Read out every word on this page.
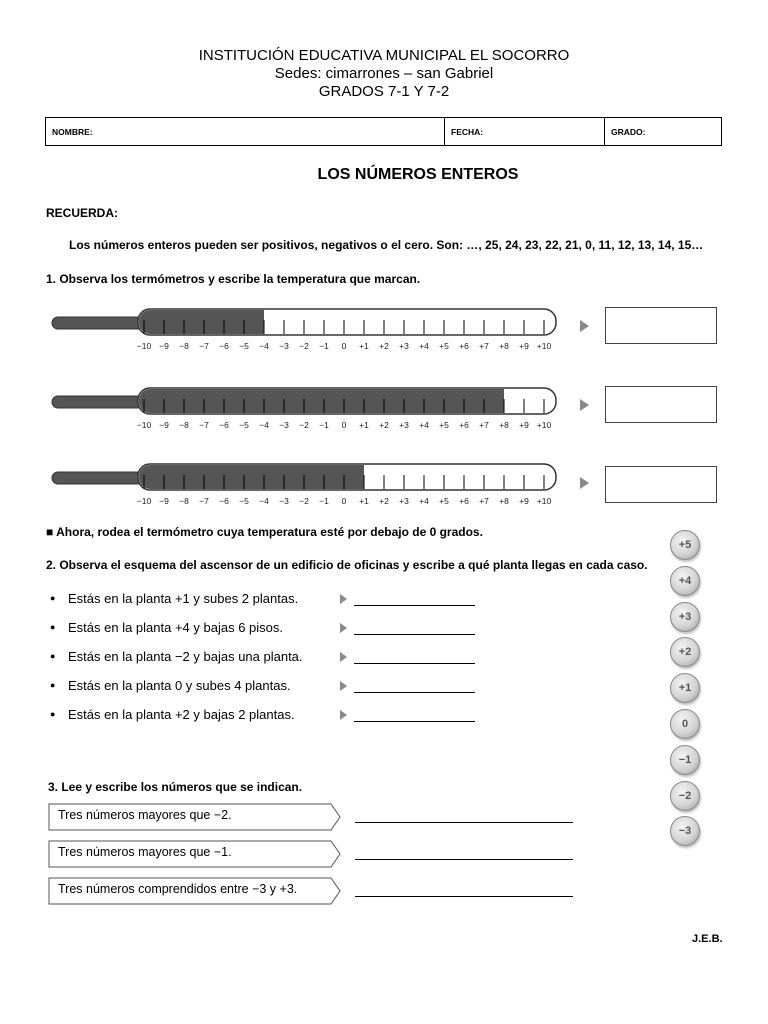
INSTITUCIÓN EDUCATIVA MUNICIPAL EL SOCORRO
Sedes: cimarrones – san Gabriel
GRADOS 7-1 Y 7-2
NOMBRE:	FECHA:	GRADO:
LOS NÚMEROS ENTEROS
RECUERDA:
Los números enteros pueden ser positivos, negativos o el cero. Son: …, 25, 24, 23, 22, 21, 0, 11, 12, 13, 14, 15…
1. Observa los termómetros y escribe la temperatura que marcan.
−10 −9 −8 −7 −6 −5 −4 −3 −2 −1 0 +1 +2 +3 +4 +5 +6 +7 +8 +9 +10
−10 −9 −8 −7 −6 −5 −4 −3 −2 −1 0 +1 +2 +3 +4 +5 +6 +7 +8 +9 +10
−10 −9 −8 −7 −6 −5 −4 −3 −2 −1 0 +1 +2 +3 +4 +5 +6 +7 +8 +9 +10
■ Ahora, rodea el termómetro cuya temperatura esté por debajo de 0 grados.
2. Observa el esquema del ascensor de un edificio de oficinas y escribe a qué planta llegas en cada caso.
● Estás en la planta +1 y subes 2 plantas.
● Estás en la planta +4 y bajas 6 pisos.
● Estás en la planta −2 y bajas una planta.
● Estás en la planta 0 y subes 4 plantas.
● Estás en la planta +2 y bajas 2 plantas.
+5
+4
+3
+2
+1
0
−1
−2
−3
3. Lee y escribe los números que se indican.
Tres números mayores que −2.
Tres números mayores que −1.
Tres números comprendidos entre −3 y +3.
J.E.B.
